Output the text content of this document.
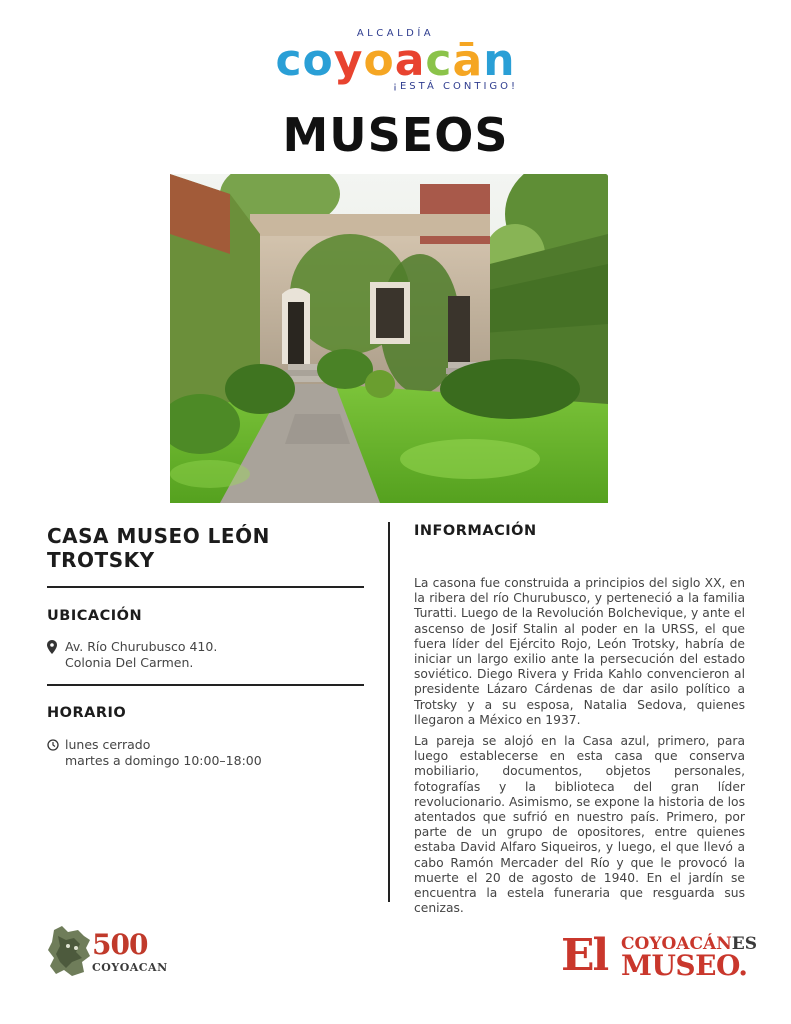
ALCALDÍA
coyoacān
¡ESTÁ CONTIGO!
MUSEOS
CASA MUSEO LEÓN TROTSKY
UBICACIÓN
Av. Río Churubusco 410.
Colonia Del Carmen.
HORARIO
lunes cerrado
martes a domingo 10:00–18:00
INFORMACIÓN
La casona fue construida a principios del siglo XX, en la ribera del río Churubusco, y perteneció a la familia Turatti. Luego de la Revolución Bolchevique, y ante el ascenso de Josif Stalin al poder en la URSS, el que fuera líder del Ejército Rojo, León Trotsky, habría de iniciar un largo exilio ante la persecución del estado soviético. Diego Rivera y Frida Kahlo convencieron al presidente Lázaro Cárdenas de dar asilo político a Trotsky y a su esposa, Natalia Sedova, quienes llegaron a México en 1937.
La pareja se alojó en la Casa azul, primero, para luego establecerse en esta casa que conserva mobiliario, documentos, objetos personales, fotografías y la biblioteca del gran líder revolucionario. Asimismo, se expone la historia de los atentados que sufrió en nuestro país. Primero, por parte de un grupo de opositores, entre quienes estaba David Alfaro Siqueiros, y luego, el que llevó a cabo Ramón Mercader del Río y que le provocó la muerte el 20 de agosto de 1940. En el jardín se encuentra la estela funeraria que resguarda sus cenizas.
500
COYOACAN	El COYOACÁNES
MUSEO.
